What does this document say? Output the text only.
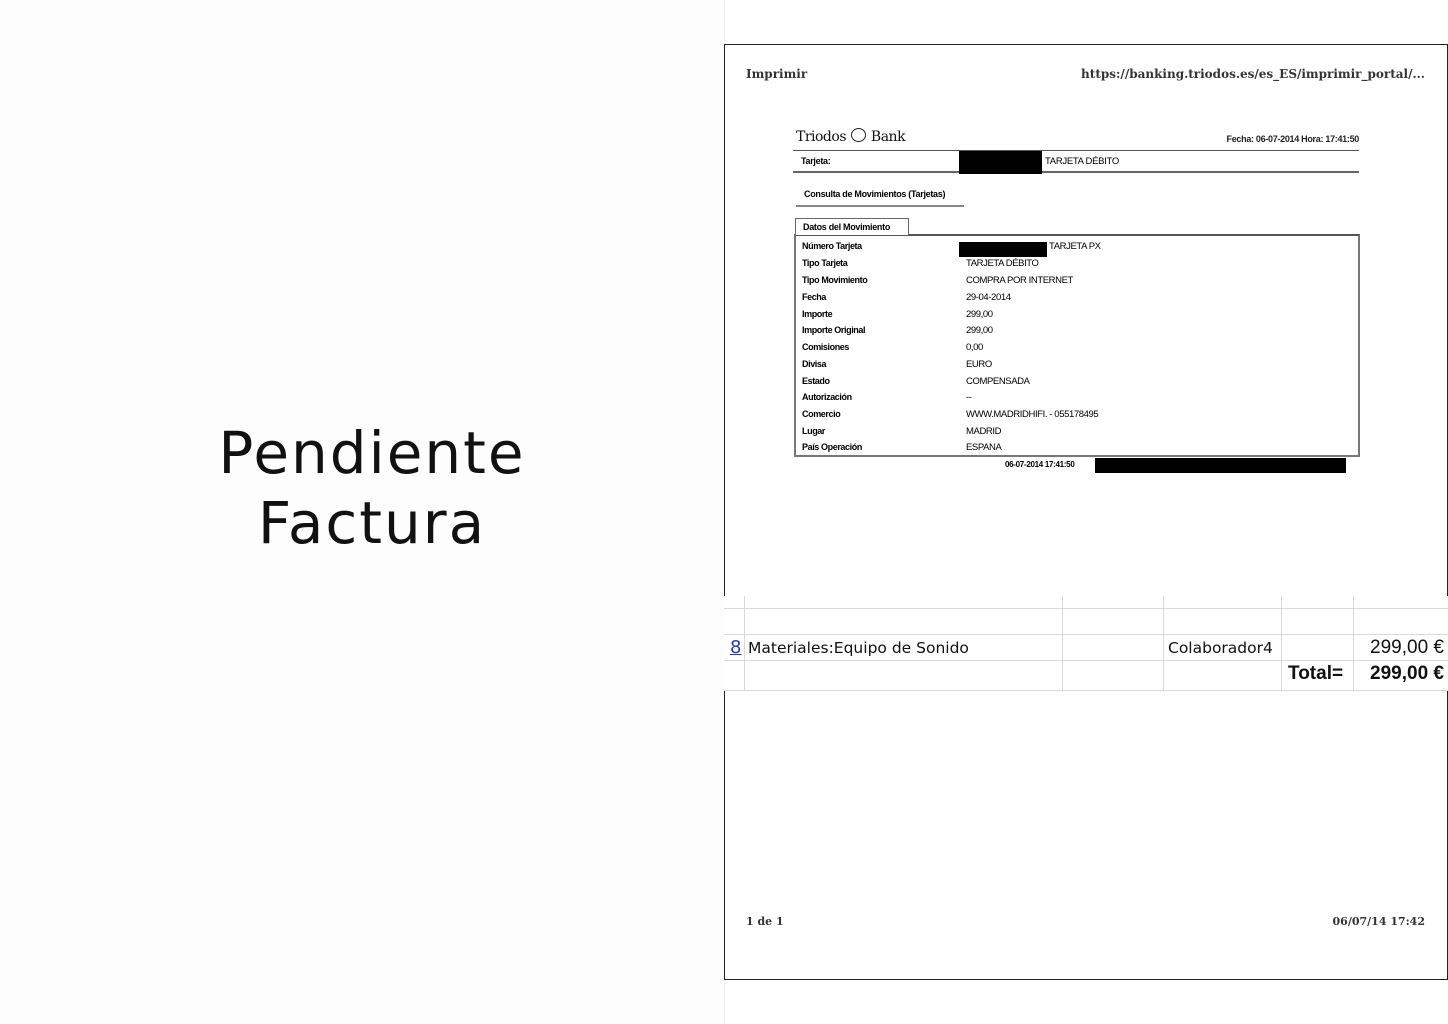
Pendiente
Factura
Imprimir	https://banking.triodos.es/es_ES/imprimir_portal/...
Triodos Bank	Fecha: 06-07-2014 Hora: 17:41:50
Tarjeta:	TARJETA DÉBITO
Consulta de Movimientos (Tarjetas)
Datos del Movimiento
Número Tarjeta	TARJETA PX
Tipo Tarjeta	TARJETA DÉBITO
Tipo Movimiento	COMPRA POR INTERNET
Fecha	29-04-2014
Importe	299,00
Importe Original	299,00
Comisiones	0,00
Divisa	EURO
Estado	COMPENSADA
Autorización	--
Comercio	WWW.MADRIDHIFI. - 055178495
Lugar	MADRID
País Operación	ESPANA
06-07-2014 17:41:50
1 de 1	06/07/14 17:42
8 Materiales:Equipo de Sonido	Colaborador4	299,00 €
Total= 299,00 €
